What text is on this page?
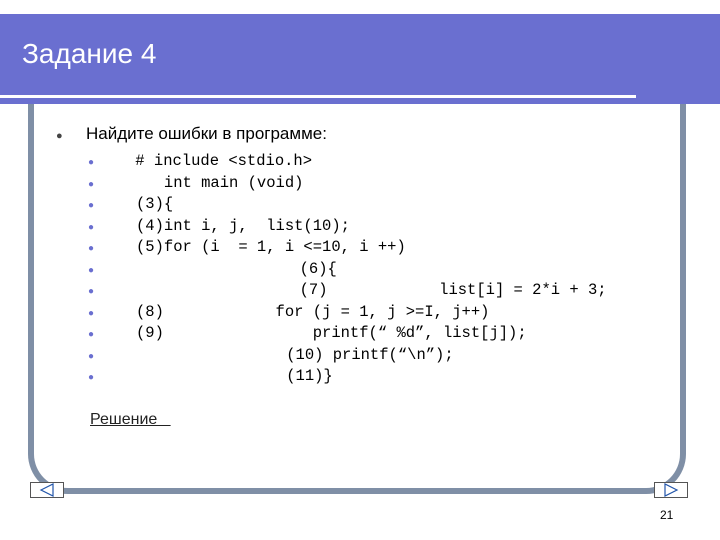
Задание 4
● Найдите ошибки в программе:
●
●
●
●
●
●
●
●
●
●
●
# include <stdio.h>
int main (void)
(3){
(4)int i, j,  list(10);
(5)for (i  = 1, i <=10, i ++)
(6){
(7)            list[i] = 2*i + 3;
(8)            for (j = 1, j >=I, j++)
(9)                printf(“ %d”, list[j]);
(10) printf(“\n”);
(11)}
Решение
21
